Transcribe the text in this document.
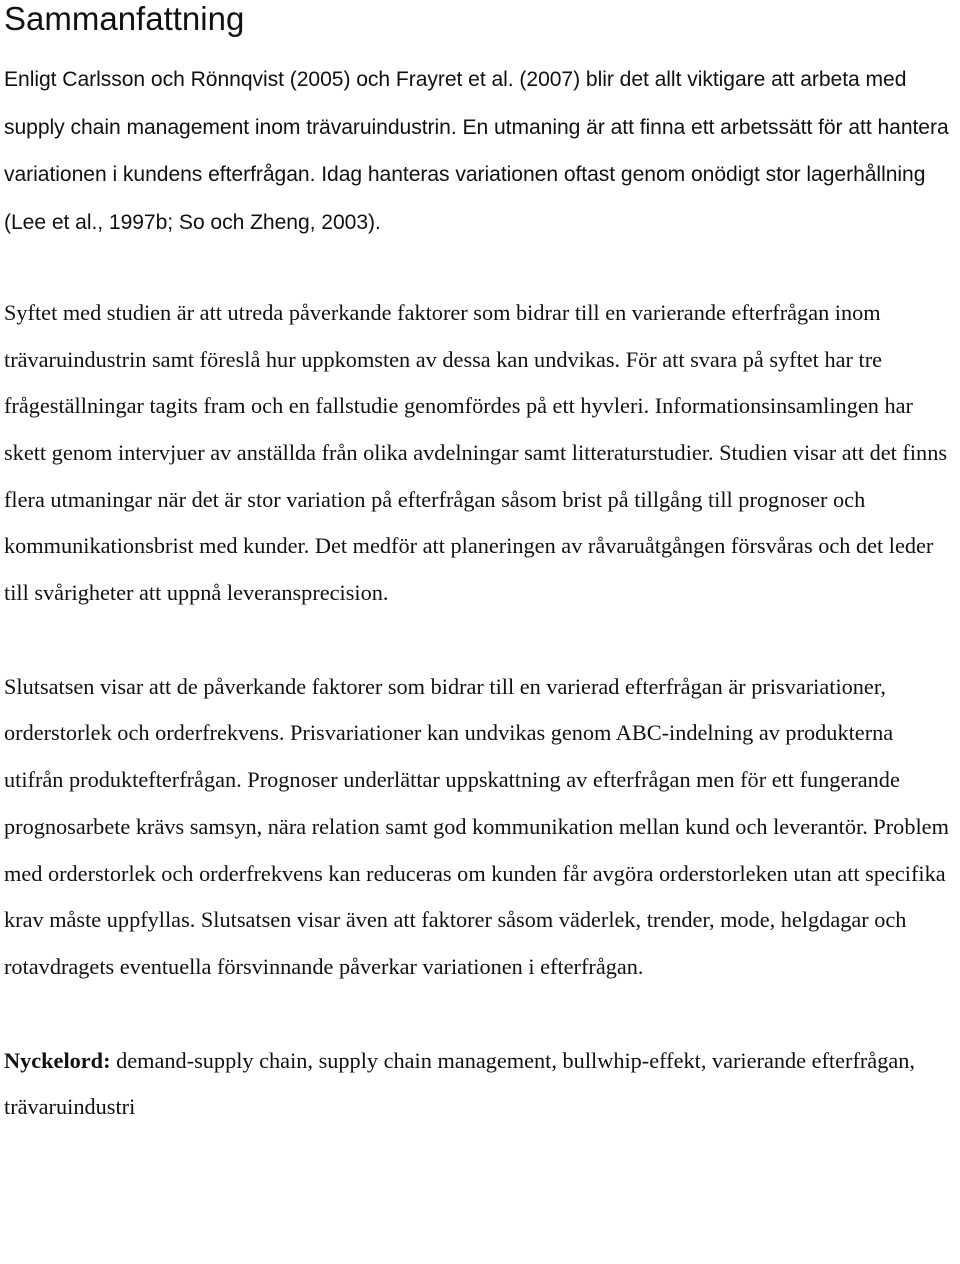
Sammanfattning

Enligt Carlsson och Rönnqvist (2005) och Frayret et al. (2007) blir det allt viktigare att arbeta med supply chain management inom trävaruindustrin. En utmaning är att finna ett arbetssätt för att hantera variationen i kundens efterfrågan. Idag hanteras variationen oftast genom onödigt stor lagerhållning (Lee et al., 1997b; So och Zheng, 2003).

Syftet med studien är att utreda påverkande faktorer som bidrar till en varierande efterfrågan inom trävaruindustrin samt föreslå hur uppkomsten av dessa kan undvikas. För att svara på syftet har tre frågeställningar tagits fram och en fallstudie genomfördes på ett hyvleri. Informationsinsamlingen har skett genom intervjuer av anställda från olika avdelningar samt litteraturstudier. Studien visar att det finns flera utmaningar när det är stor variation på efterfrågan såsom brist på tillgång till prognoser och kommunikationsbrist med kunder. Det medför att planeringen av råvaruåtgången försvåras och det leder till svårigheter att uppnå leveransprecision.

Slutsatsen visar att de påverkande faktorer som bidrar till en varierad efterfrågan är prisvariationer, orderstorlek och orderfrekvens. Prisvariationer kan undvikas genom ABC-indelning av produkterna utifrån produktefterfrågan. Prognoser underlättar uppskattning av efterfrågan men för ett fungerande prognosarbete krävs samsyn, nära relation samt god kommunikation mellan kund och leverantör. Problem med orderstorlek och orderfrekvens kan reduceras om kunden får avgöra orderstorleken utan att specifika krav måste uppfyllas. Slutsatsen visar även att faktorer såsom väderlek, trender, mode, helgdagar och rotavdragets eventuella försvinnande påverkar variationen i efterfrågan.

Nyckelord: demand-supply chain, supply chain management, bullwhip-effekt, varierande efterfrågan, trävaruindustri
